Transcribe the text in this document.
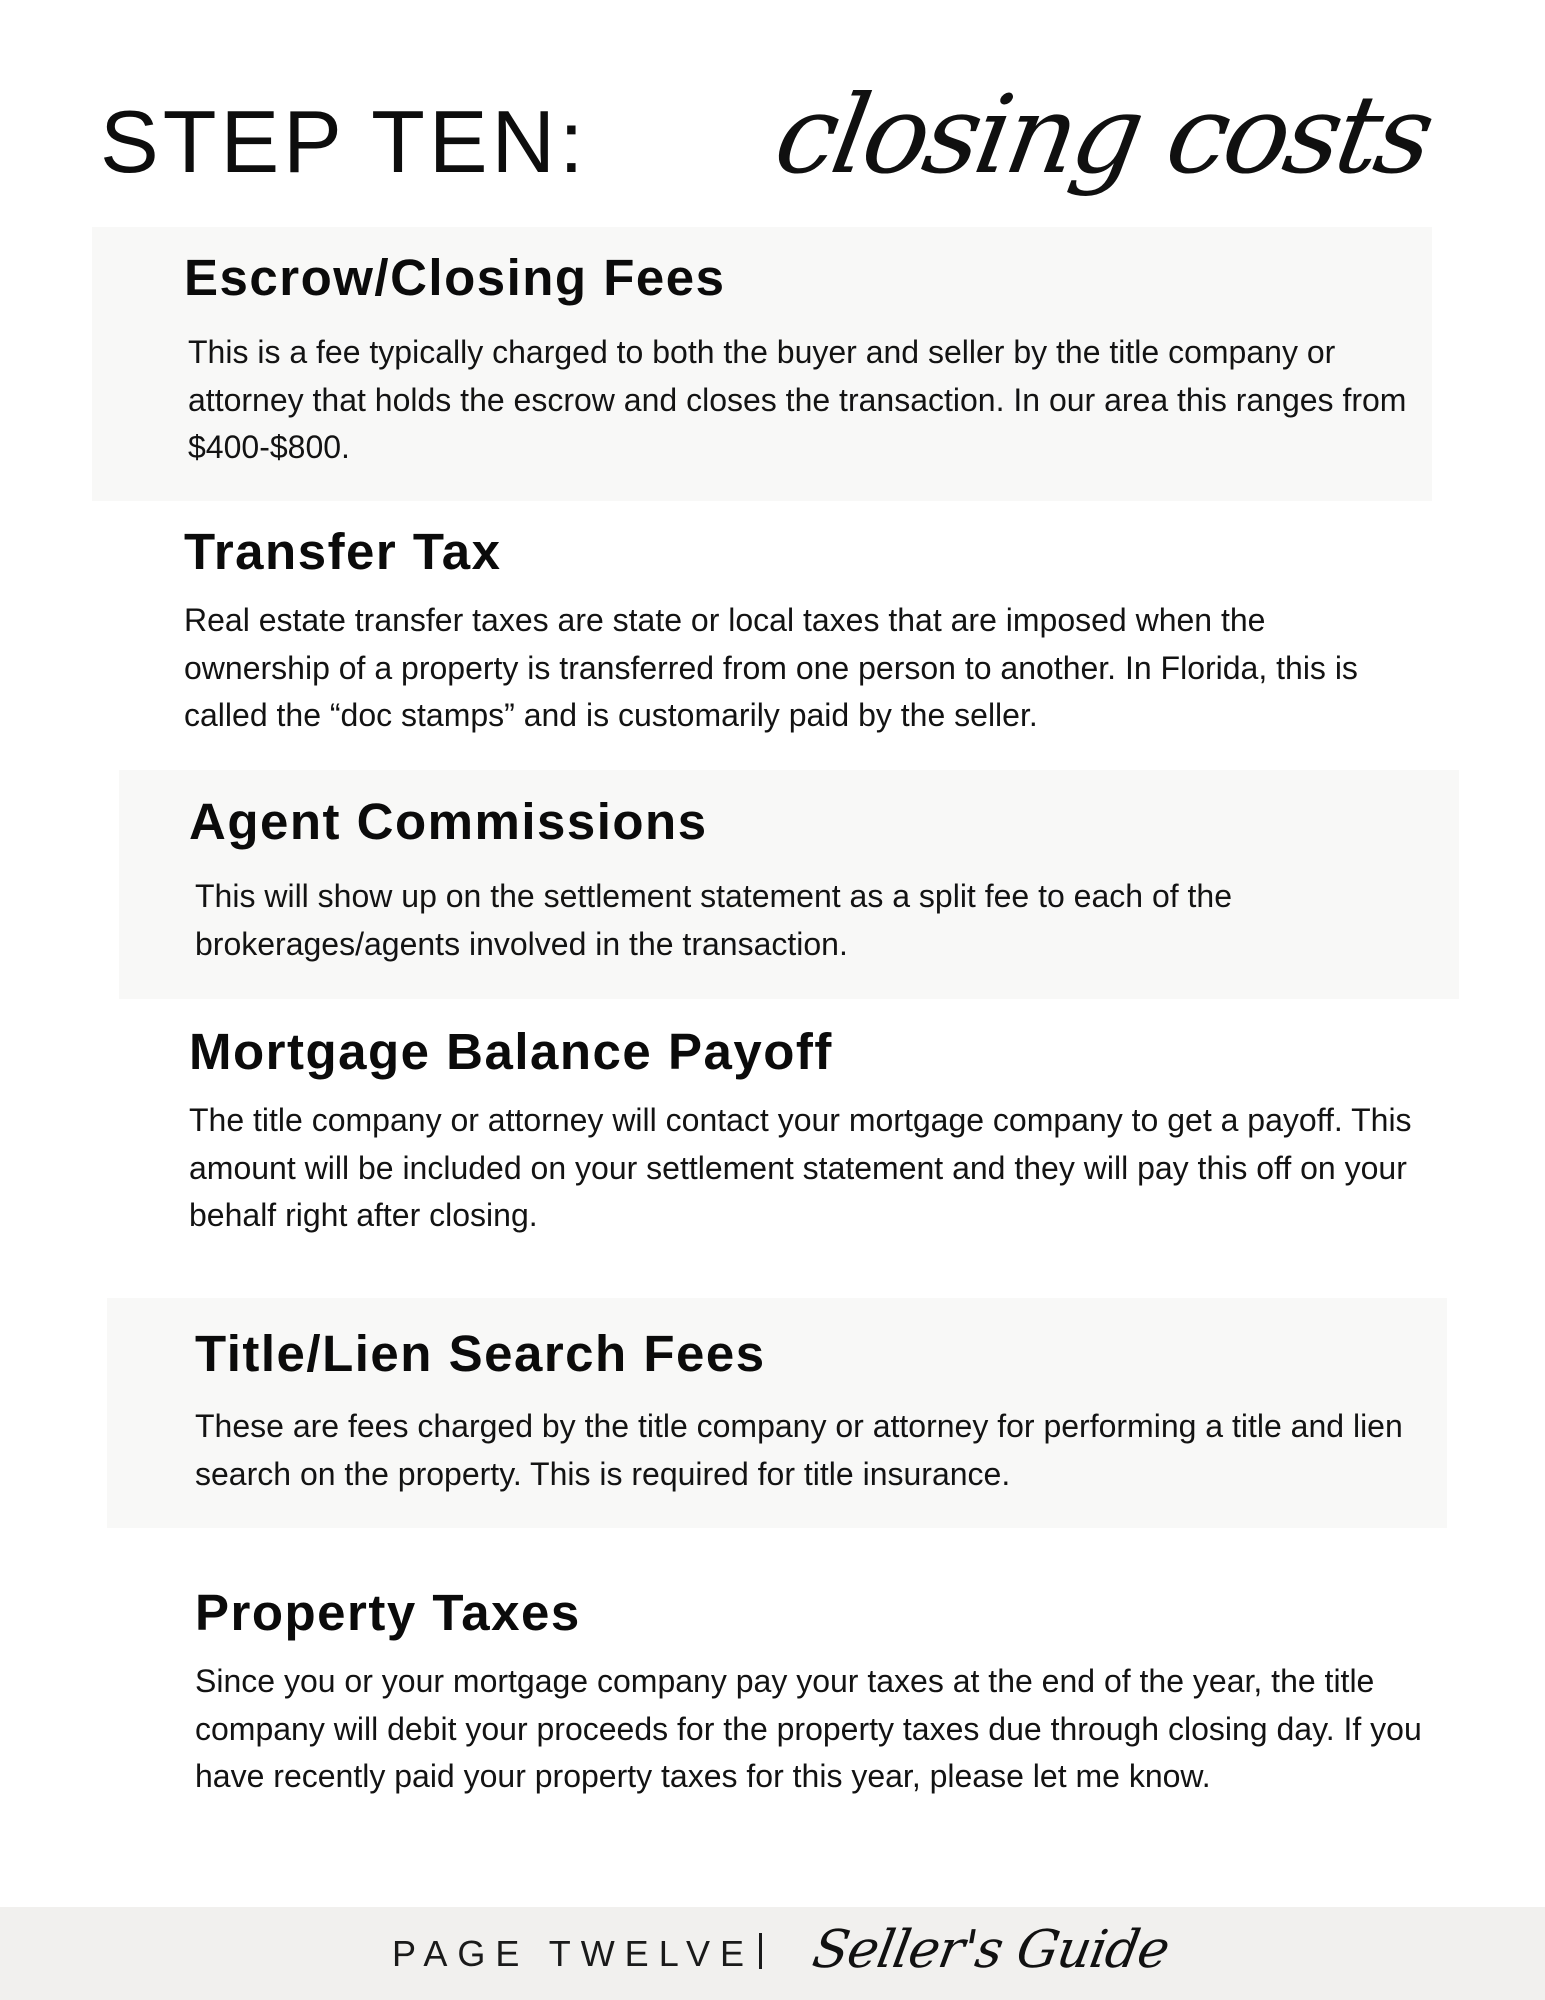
STEP TEN: closing costs
Escrow/Closing Fees

This is a fee typically charged to both the buyer and seller by the title company or attorney that holds the escrow and closes the transaction. In our area this ranges from $400-$800.

Transfer Tax

Real estate transfer taxes are state or local taxes that are imposed when the ownership of a property is transferred from one person to another. In Florida, this is called the “doc stamps” and is customarily paid by the seller.

Agent Commissions

This will show up on the settlement statement as a split fee to each of the brokerages/agents involved in the transaction.

Mortgage Balance Payoff

The title company or attorney will contact your mortgage company to get a payoff. This amount will be included on your settlement statement and they will pay this off on your behalf right after closing.

Title/Lien Search Fees

These are fees charged by the title company or attorney for performing a title and lien search on the property. This is required for title insurance.

Property Taxes

Since you or your mortgage company pay your taxes at the end of the year, the title company will debit your proceeds for the property taxes due through closing day. If you have recently paid your property taxes for this year, please let me know.

PAGE TWELVE Seller's Guide
